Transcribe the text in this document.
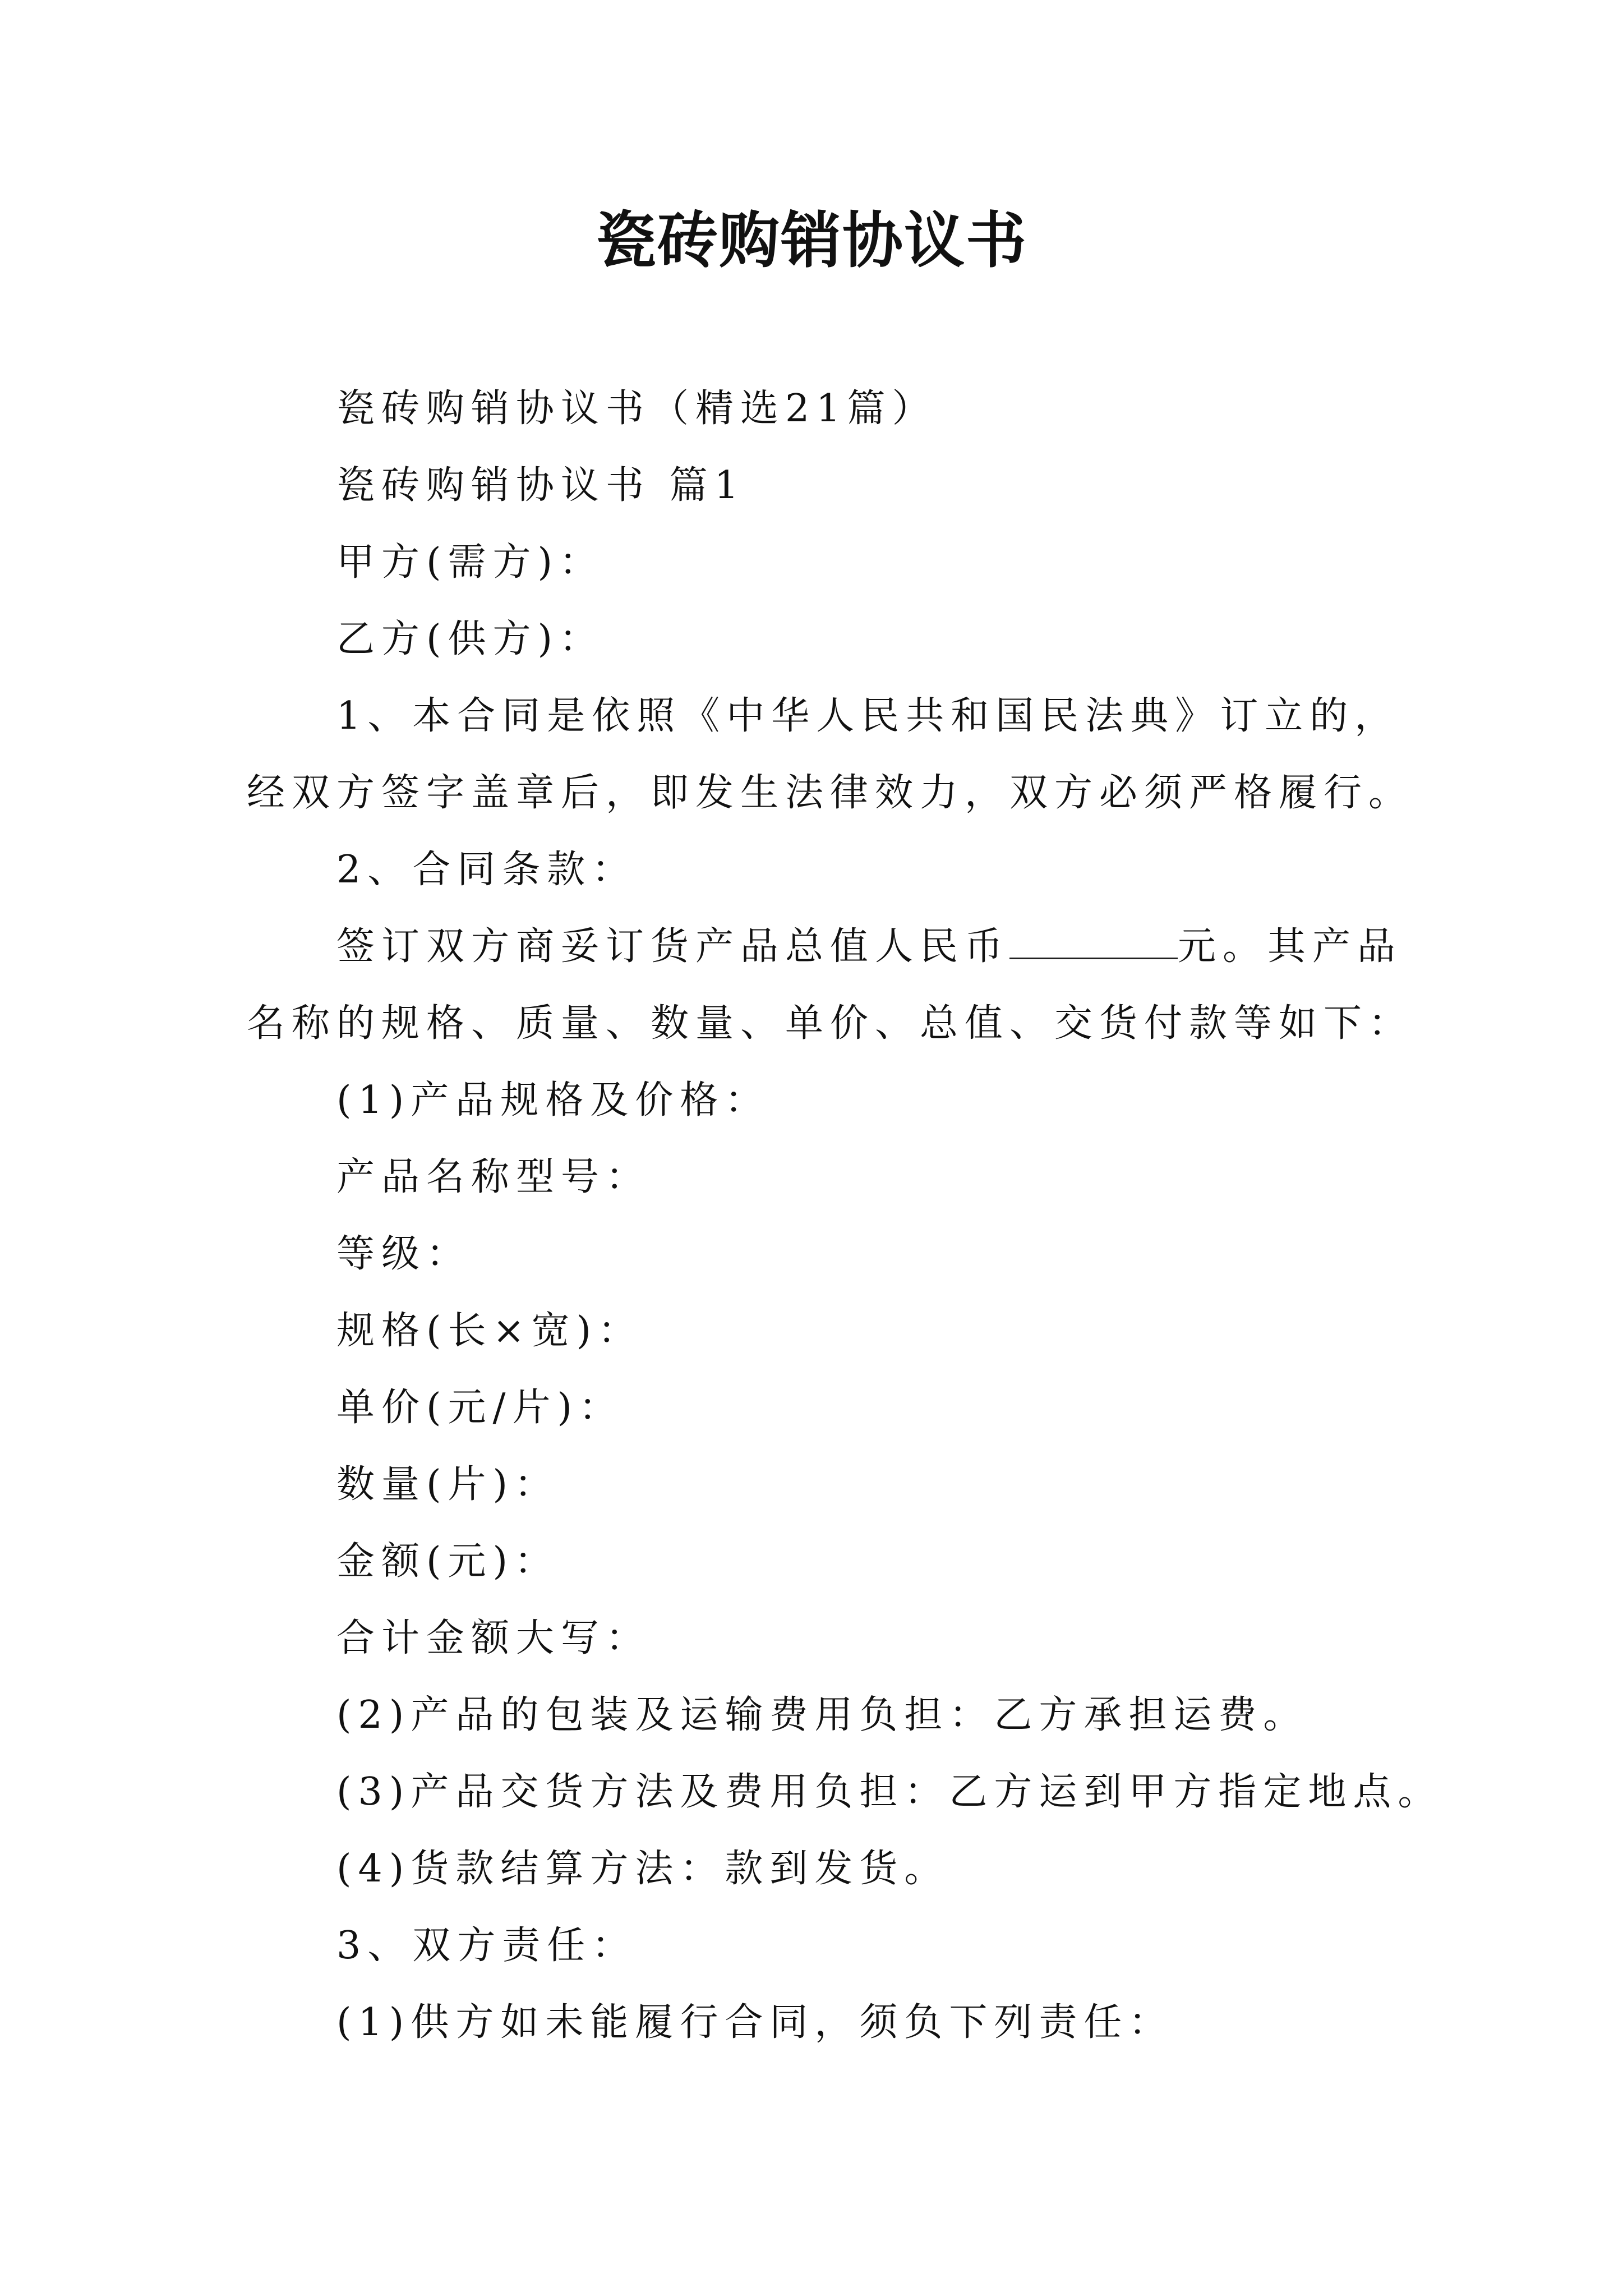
瓷砖购销协议书

瓷砖购销协议书（精选21篇）

瓷砖购销协议书 篇1

甲方(需方)：

乙方(供方)：

1、本合同是依照《中华人民共和国民法典》订立的，

经双方签字盖章后，即发生法律效力，双方必须严格履行。

2、合同条款：

签订双方商妥订货产品总值人民币	元。其产品

名称的规格、质量、数量、单价、总值、交货付款等如下：

(1)产品规格及价格：

产品名称型号：

等级：

规格(长×宽)：

单价(元/片)：

数量(片)：

金额(元)：

合计金额大写：

(2)产品的包装及运输费用负担：乙方承担运费。

(3)产品交货方法及费用负担：乙方运到甲方指定地点。

(4)货款结算方法：款到发货。

3、双方责任：

(1)供方如未能履行合同，须负下列责任：
